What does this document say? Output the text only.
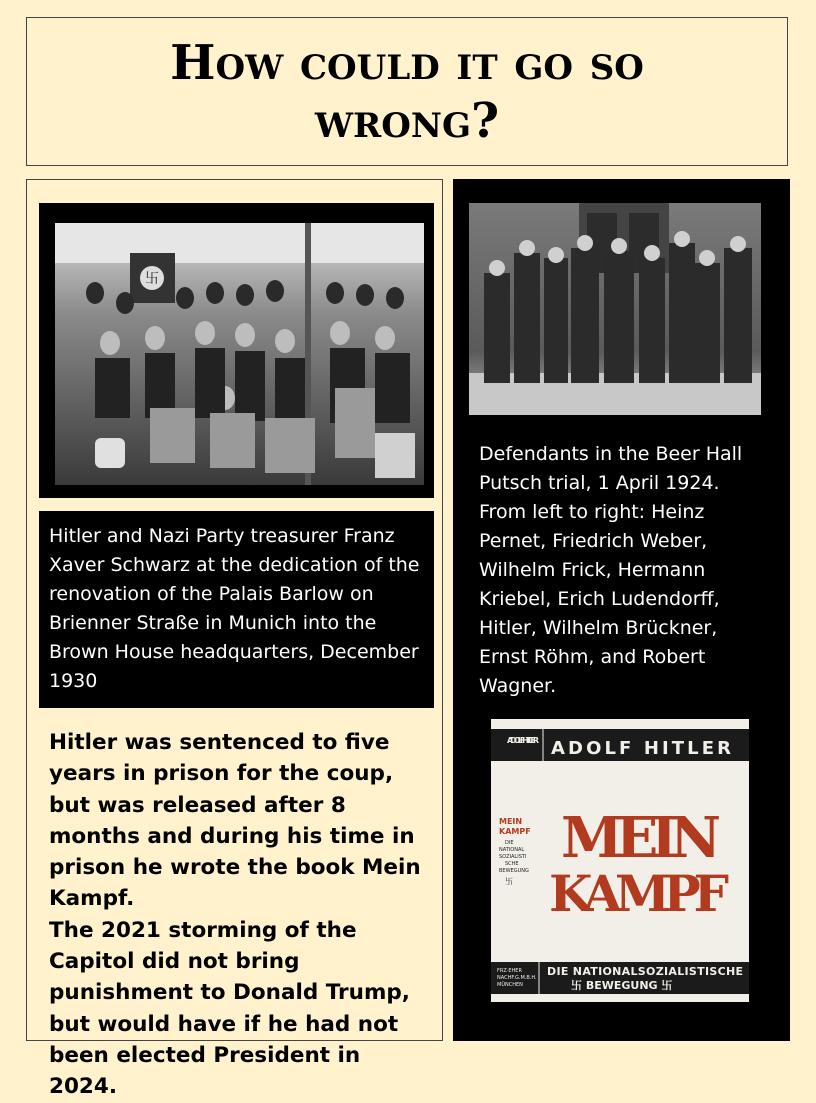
How could it go so wrong?
卐
Hitler and Nazi Party treasurer Franz Xaver Schwarz at the dedication of the renovation of the Palais Barlow on Brienner Straße in Munich into the Brown House headquarters, December 1930

Hitler was sentenced to five years in prison for the coup, but was released after 8 months and during his time in prison he wrote the book Mein Kampf.

The 2021 storming of the Capitol did not bring punishment to Donald Trump, but would have if he had not been elected President in 2024.

Defendants in the Beer Hall Putsch trial, 1 April 1924. From left to right: Heinz Pernet, Friedrich Weber, Wilhelm Frick, Hermann Kriebel, Erich Ludendorff, Hitler, Wilhelm Brückner, Ernst Röhm, and Robert Wagner.
ADOLF HITLER ADOLF HITLER
MEIN
KAMPF
DIE
NATIONAL
SOZIALISTI
SCHE
BEWEGUNG
卐
MEIN
KAMPF
FRZ·EHER
NACHF.G.M.B.H.
MÜNCHEN
DIE NATIONALSOZIALISTISCHE
卐 BEWEGUNG 卐
